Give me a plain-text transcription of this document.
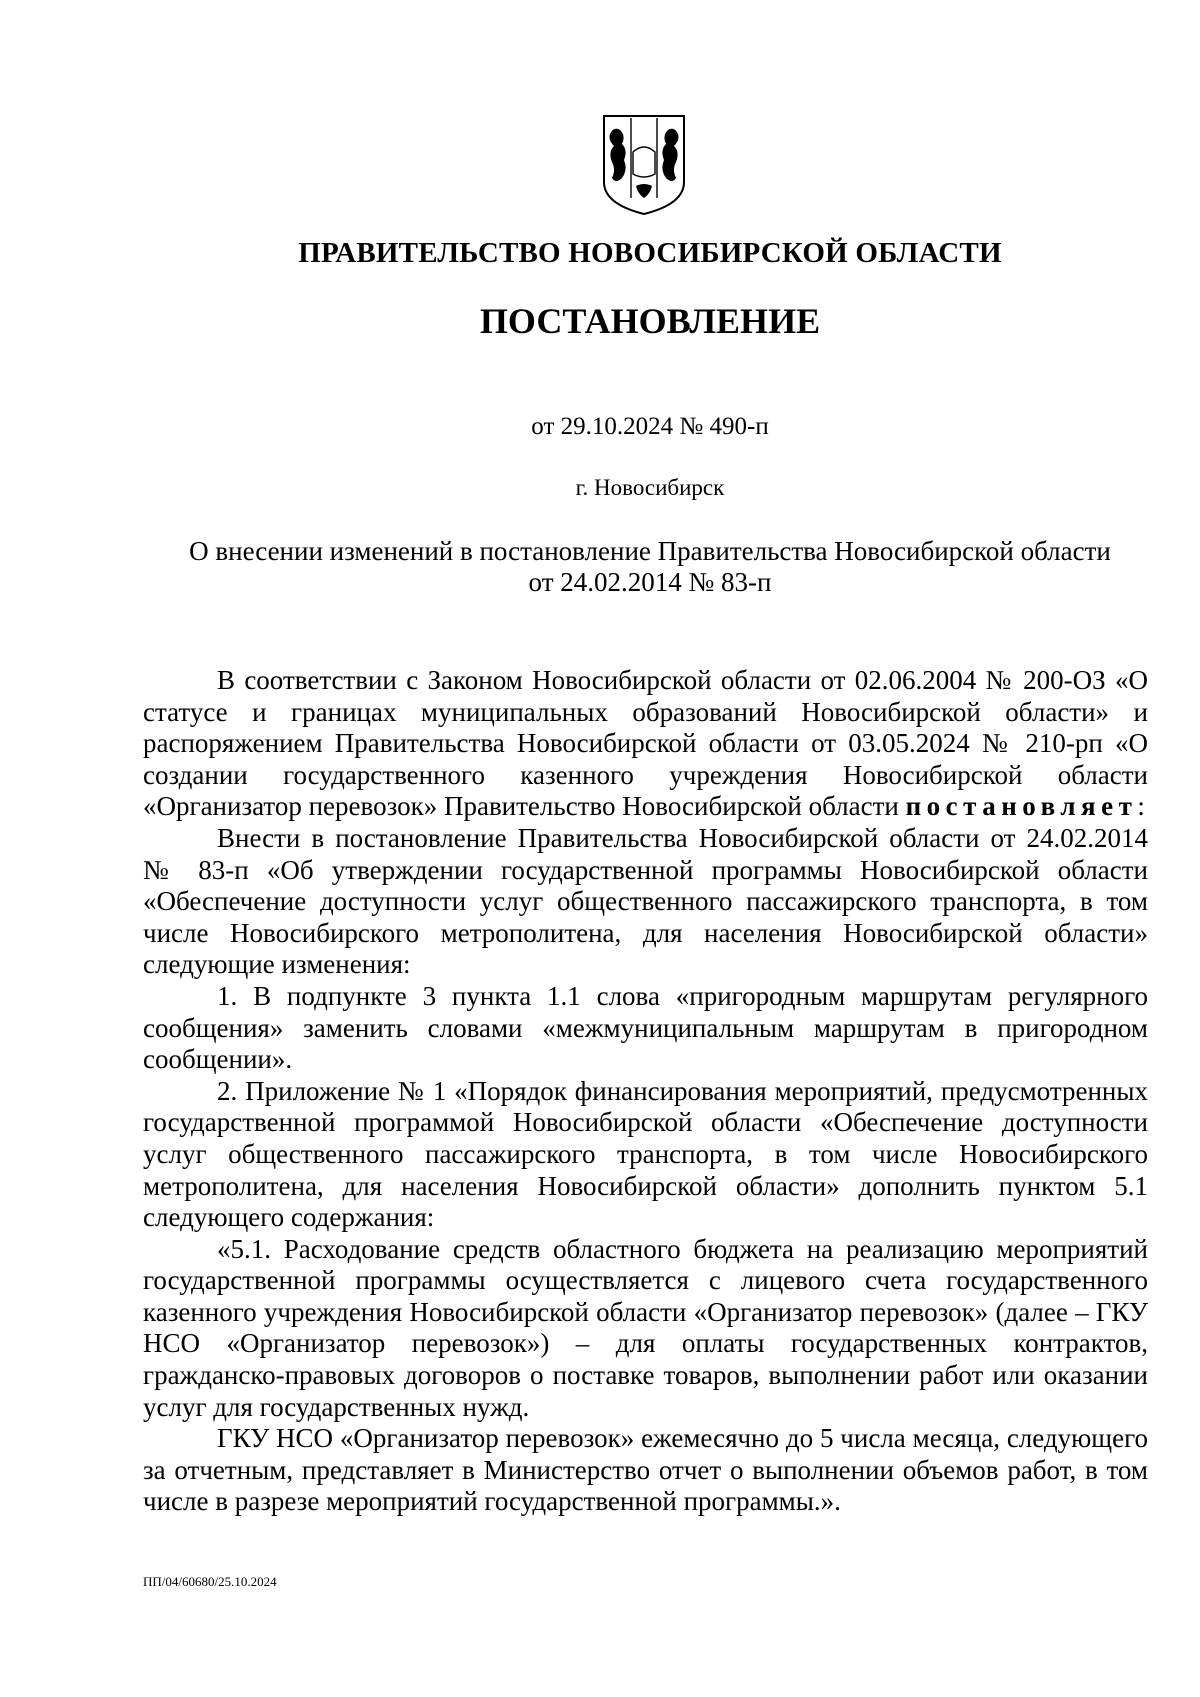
ПРАВИТЕЛЬСТВО НОВОСИБИРСКОЙ ОБЛАСТИ
ПОСТАНОВЛЕНИЕ
от 29.10.2024 № 490-п
г. Новосибирск
О внесении изменений в постановление Правительства Новосибирской области
от 24.02.2014 № 83-п

В соответствии с Законом Новосибирской области от 02.06.2004 № 200-ОЗ «О статусе и границах муниципальных образований Новосибирской области» и распоряжением Правительства Новосибирской области от 03.05.2024 № 210-рп «О создании государственного казенного учреждения Новосибирской области «Организатор перевозок» Правительство Новосибирской области постановляет:

Внести в постановление Правительства Новосибирской области от 24.02.2014 № 83-п «Об утверждении государственной программы Новосибирской области «Обеспечение доступности услуг общественного пассажирского транспорта, в том числе Новосибирского метрополитена, для населения Новосибирской области» следующие изменения:

1. В подпункте 3 пункта 1.1 слова «пригородным маршрутам регулярного сообщения» заменить словами «межмуниципальным маршрутам в пригородном сообщении».

2. Приложение № 1 «Порядок финансирования мероприятий, предусмотренных государственной программой Новосибирской области «Обеспечение доступности услуг общественного пассажирского транспорта, в том числе Новосибирского метрополитена, для населения Новосибирской области» дополнить пунктом 5.1 следующего содержания:

«5.1. Расходование средств областного бюджета на реализацию мероприятий государственной программы осуществляется с лицевого счета государственного казенного учреждения Новосибирской области «Организатор перевозок» (далее – ГКУ НСО «Организатор перевозок») – для оплаты государственных контрактов, гражданско-правовых договоров о поставке товаров, выполнении работ или оказании услуг для государственных нужд.

ГКУ НСО «Организатор перевозок» ежемесячно до 5 числа месяца, следующего за отчетным, представляет в Министерство отчет о выполнении объемов работ, в том числе в разрезе мероприятий государственной программы.».

ПП/04/60680/25.10.2024
